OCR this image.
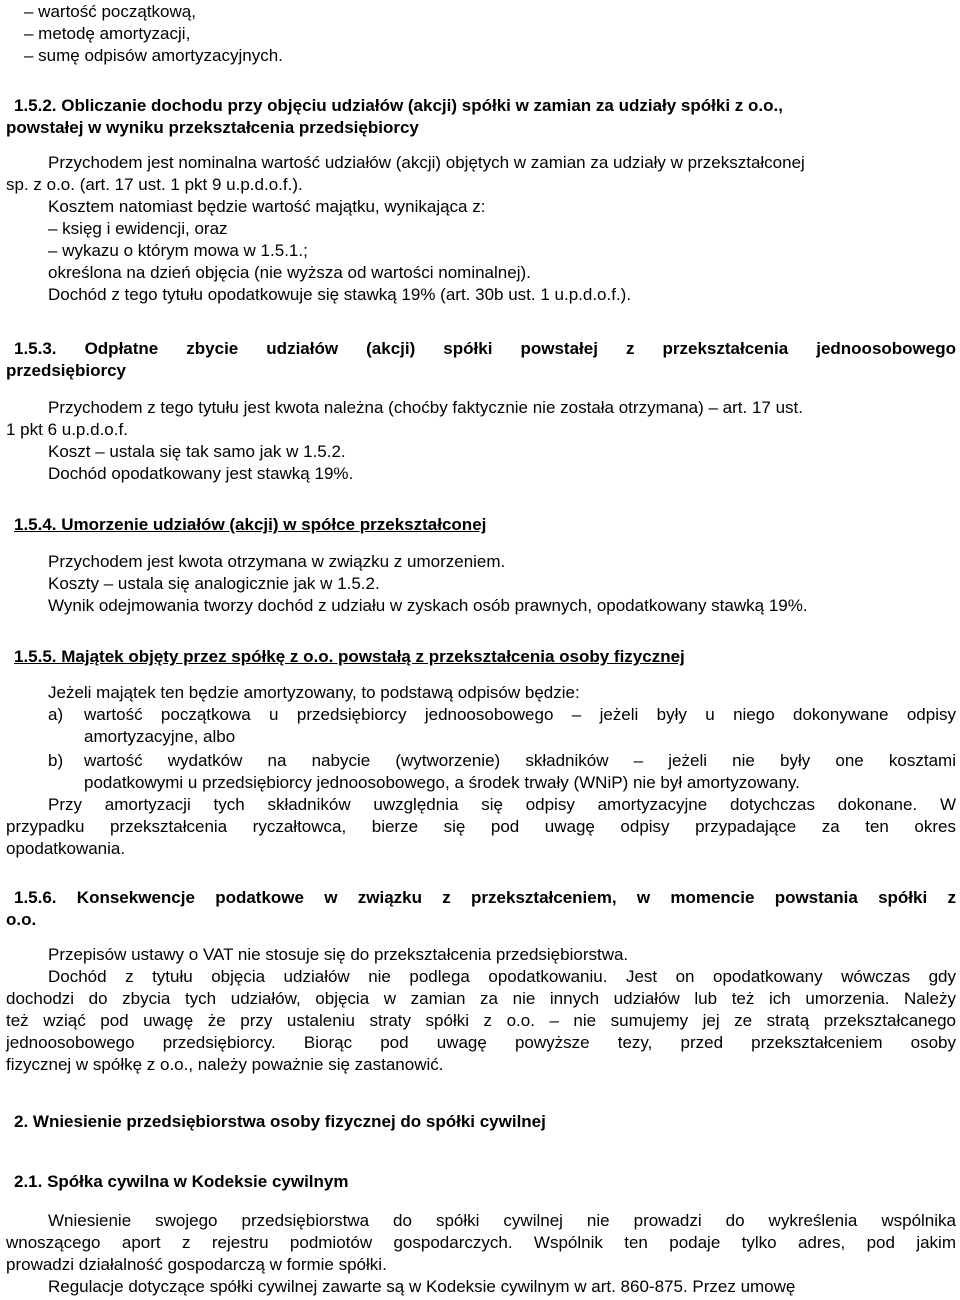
– wartość początkową,
– metodę amortyzacji,
– sumę odpisów amortyzacyjnych.
1.5.2. Obliczanie dochodu przy objęciu udziałów (akcji) spółki w zamian za udziały spółki z o.o.,
powstałej w wyniku przekształcenia przedsiębiorcy
Przychodem jest nominalna wartość udziałów (akcji) objętych w zamian za udziały w przekształconej
sp. z o.o. (art. 17 ust. 1 pkt 9 u.p.d.o.f.).
Kosztem natomiast będzie wartość majątku, wynikająca z:
– księg i ewidencji, oraz
– wykazu o którym mowa w 1.5.1.;
określona na dzień objęcia (nie wyższa od wartości nominalnej).
Dochód z tego tytułu opodatkowuje się stawką 19% (art. 30b ust. 1 u.p.d.o.f.).
1.5.3. Odpłatne zbycie udziałów (akcji) spółki powstałej z przekształcenia jednoosobowego
przedsiębiorcy
Przychodem z tego tytułu jest kwota należna (choćby faktycznie nie została otrzymana) – art. 17 ust.
1 pkt 6 u.p.d.o.f.
Koszt – ustala się tak samo jak w 1.5.2.
Dochód opodatkowany jest stawką 19%.
1.5.4. Umorzenie udziałów (akcji) w spółce przekształconej
Przychodem jest kwota otrzymana w związku z umorzeniem.
Koszty – ustala się analogicznie jak w 1.5.2.
Wynik odejmowania tworzy dochód z udziału w zyskach osób prawnych, opodatkowany stawką 19%.
1.5.5. Majątek objęty przez spółkę z o.o. powstałą z przekształcenia osoby fizycznej
Jeżeli majątek ten będzie amortyzowany, to podstawą odpisów będzie:
a) wartość początkowa u przedsiębiorcy jednoosobowego – jeżeli były u niego dokonywane odpisy
amortyzacyjne, albo
b) wartość wydatków na nabycie (wytworzenie) składników – jeżeli nie były one kosztami
podatkowymi u przedsiębiorcy jednoosobowego, a środek trwały (WNiP) nie był amortyzowany.
Przy amortyzacji tych składników uwzględnia się odpisy amortyzacyjne dotychczas dokonane. W
przypadku przekształcenia ryczałtowca, bierze się pod uwagę odpisy przypadające za ten okres
opodatkowania.
1.5.6. Konsekwencje podatkowe w związku z przekształceniem, w momencie powstania spółki z
o.o.
Przepisów ustawy o VAT nie stosuje się do przekształcenia przedsiębiorstwa.
Dochód z tytułu objęcia udziałów nie podlega opodatkowaniu. Jest on opodatkowany wówczas gdy
dochodzi do zbycia tych udziałów, objęcia w zamian za nie innych udziałów lub też ich umorzenia. Należy
też wziąć pod uwagę że przy ustaleniu straty spółki z o.o. – nie sumujemy jej ze stratą przekształcanego
jednoosobowego przedsiębiorcy. Biorąc pod uwagę powyższe tezy, przed przekształceniem osoby
fizycznej w spółkę z o.o., należy poważnie się zastanowić.
2. Wniesienie przedsiębiorstwa osoby fizycznej do spółki cywilnej
2.1. Spółka cywilna w Kodeksie cywilnym
Wniesienie swojego przedsiębiorstwa do spółki cywilnej nie prowadzi do wykreślenia wspólnika
wnoszącego aport z rejestru podmiotów gospodarczych. Wspólnik ten podaje tylko adres, pod jakim
prowadzi działalność gospodarczą w formie spółki.
Regulacje dotyczące spółki cywilnej zawarte są w Kodeksie cywilnym w art. 860-875. Przez umowę
